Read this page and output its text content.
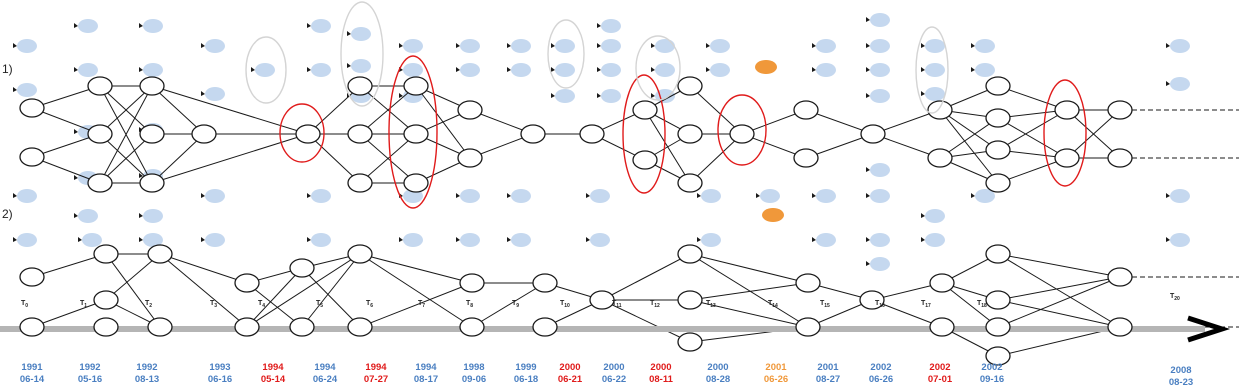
1)
2)
$T_0$	$T_1$	$T_2$	$T_3$	$T_4$	$T_5$	$T_6$	$T_7$	$T_8$	$T_9$	$T_{10}$	$T_{11}$	$T_{12}$	$T_{13}$	$T_{14}$	$T_{15}$	$T_{16}$	$T_{17}$	$T_{18}$
$T_{20}$
1991
06-14
1992
05-16
1992
08-13
1993
06-16
1994
05-14
1994
06-24
1994
07-27
1994
08-17
1998
09-06
1999
06-18
2000
06-21
2000
06-22
2000
08-11
2000
08-28
2001
06-26
2001
08-27
2002
06-26
2002
07-01
2002
09-16
2008
08-23
